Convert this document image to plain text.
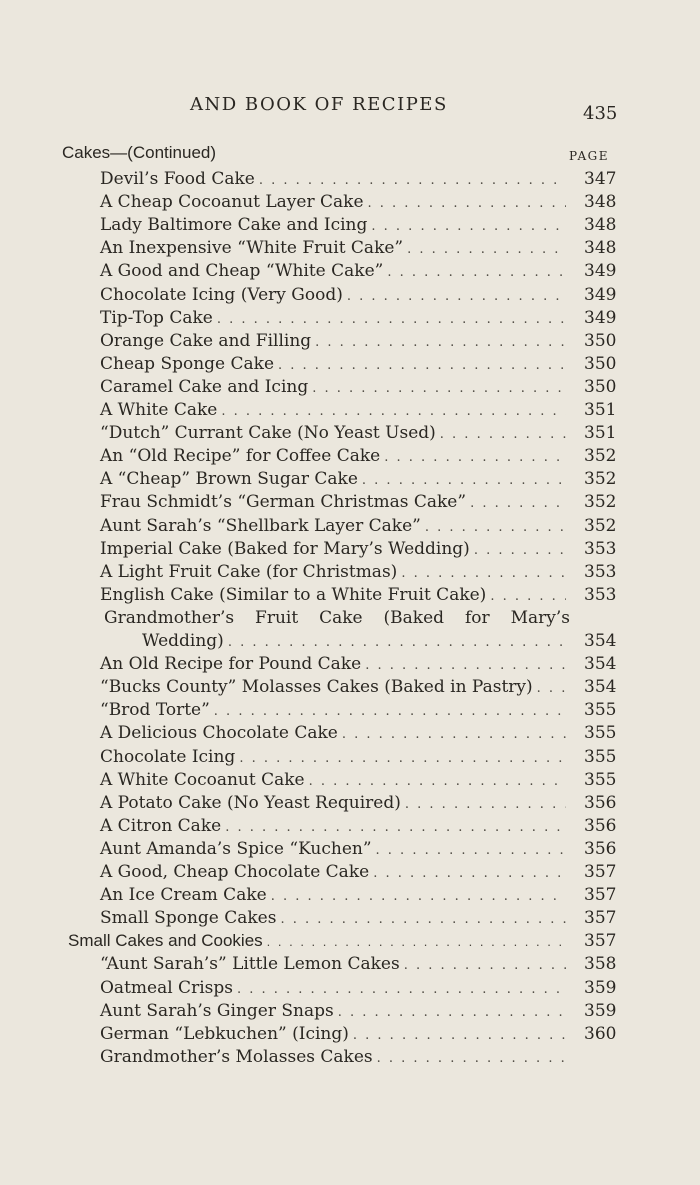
AND BOOK OF RECIPES	435
Cakes—(Continued)	PAGE
Devil’s Food Cake . . .	347
A Cheap Cocoanut Layer Cake . . .	348
Lady Baltimore Cake and Icing . . .	348
An Inexpensive “White Fruit Cake” . . .	348
A Good and Cheap “White Cake” . . .	349
Chocolate Icing (Very Good) . . .	349
Tip-Top Cake . . .	349
Orange Cake and Filling . . .	350
Cheap Sponge Cake . . .	350
Caramel Cake and Icing . . .	350
A White Cake . . .	351
“Dutch” Currant Cake (No Yeast Used) . . .	351
An “Old Recipe” for Coffee Cake . . .	352
A “Cheap” Brown Sugar Cake . . .	352
Frau Schmidt’s “German Christmas Cake” . . .	352
Aunt Sarah’s “Shellbark Layer Cake” . . .	352
Imperial Cake (Baked for Mary’s Wedding) . . .	353
A Light Fruit Cake (for Christmas) . . .	353
English Cake (Similar to a White Fruit Cake) . . .	353
Grandmother’s Fruit Cake (Baked for Mary’s
Wedding) . . .	354
An Old Recipe for Pound Cake . . .	354
“Bucks County” Molasses Cakes (Baked in Pastry) . . .	354
“Brod Torte” . . .	355
A Delicious Chocolate Cake . . .	355
Chocolate Icing . . .	355
A White Cocoanut Cake . . .	355
A Potato Cake (No Yeast Required) . . .	356
A Citron Cake . . .	356
Aunt Amanda’s Spice “Kuchen” . . .	356
A Good, Cheap Chocolate Cake . . .	357
An Ice Cream Cake . . .	357
Small Sponge Cakes . . .	357
Small Cakes and Cookies . . .	357
“Aunt Sarah’s” Little Lemon Cakes . . .	358
Oatmeal Crisps . . .	359
Aunt Sarah’s Ginger Snaps . . .	359
German “Lebkuchen” (Icing) . . .	360
Grandmother’s Molasses Cakes
. . .
